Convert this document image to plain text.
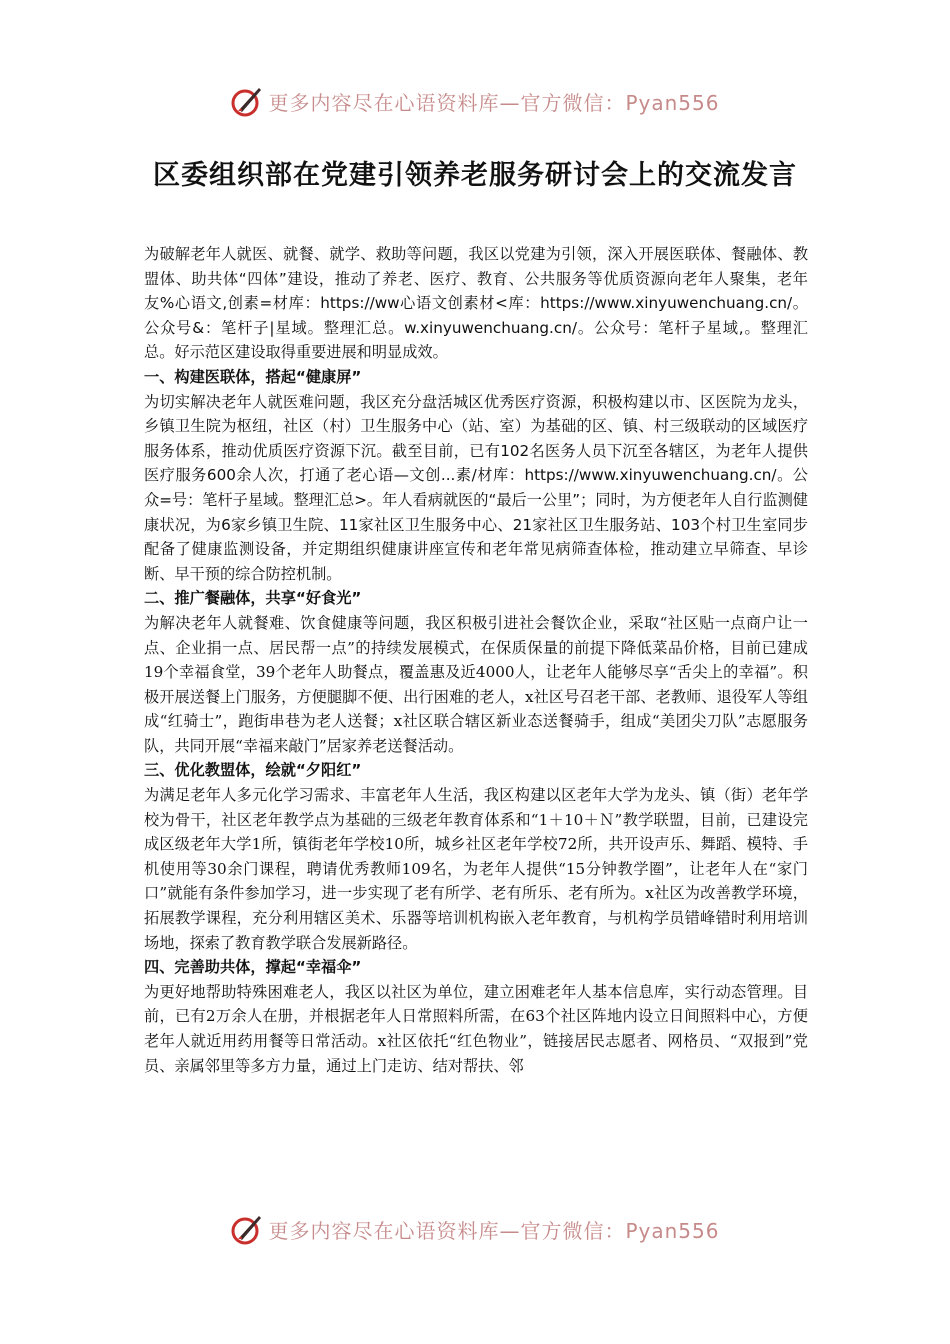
更多内容尽在心语资料库—官方微信：Pyan556
区委组织部在党建引领养老服务研讨会上的交流发言

为破解老年人就医、就餐、就学、救助等问题，我区以党建为引领，深入开展医联体、餐融体、教盟体、助共体“四体”建设，推动了养老、医疗、教育、公共服务等优质资源向老年人聚集，老年友%心语文,创素=材库：https://ww心语文创素材<库：https://www.xinyuwenchuang.cn/。公众号&：笔杆子|星域。整理汇总。w.xinyuwenchuang.cn/。公众号：笔杆子星域,。整理汇总。好示范区建设取得重要进展和明显成效。

一、构建医联体，搭起“健康屏”

为切实解决老年人就医难问题，我区充分盘活城区优秀医疗资源，积极构建以市、区医院为龙头，乡镇卫生院为枢纽，社区（村）卫生服务中心（站、室）为基础的区、镇、村三级联动的区域医疗服务体系，推动优质医疗资源下沉。截至目前，已有102名医务人员下沉至各辖区，为老年人提供医疗服务600余人次，打通了老心语—文创...素/材库：https://www.xinyuwenchuang.cn/。公众=号：笔杆子星域。整理汇总>。年人看病就医的“最后一公里”；同时，为方便老年人自行监测健康状况，为6家乡镇卫生院、11家社区卫生服务中心、21家社区卫生服务站、103个村卫生室同步配备了健康监测设备，并定期组织健康讲座宣传和老年常见病筛查体检，推动建立早筛查、早诊断、早干预的综合防控机制。

二、推广餐融体，共享“好食光”

为解决老年人就餐难、饮食健康等问题，我区积极引进社会餐饮企业，采取“社区贴一点商户让一点、企业捐一点、居民帮一点”的持续发展模式，在保质保量的前提下降低菜品价格，目前已建成19个幸福食堂，39个老年人助餐点，覆盖惠及近4000人，让老年人能够尽享“舌尖上的幸福”。积极开展送餐上门服务，方便腿脚不便、出行困难的老人，x社区号召老干部、老教师、退役军人等组成“红骑士”，跑街串巷为老人送餐；x社区联合辖区新业态送餐骑手，组成“美团尖刀队”志愿服务队，共同开展“幸福来敲门”居家养老送餐活动。

三、优化教盟体，绘就“夕阳红”

为满足老年人多元化学习需求、丰富老年人生活，我区构建以区老年大学为龙头、镇（街）老年学校为骨干，社区老年教学点为基础的三级老年教育体系和“1＋10＋Ｎ”教学联盟，目前，已建设完成区级老年大学1所，镇街老年学校10所，城乡社区老年学校72所，共开设声乐、舞蹈、模特、手机使用等30余门课程，聘请优秀教师109名，为老年人提供“15分钟教学圈”，让老年人在“家门口”就能有条件参加学习，进一步实现了老有所学、老有所乐、老有所为。x社区为改善教学环境，拓展教学课程，充分利用辖区美术、乐器等培训机构嵌入老年教育，与机构学员错峰错时利用培训场地，探索了教育教学联合发展新路径。

四、完善助共体，撑起“幸福伞”

为更好地帮助特殊困难老人，我区以社区为单位，建立困难老年人基本信息库，实行动态管理。目前，已有2万余人在册，并根据老年人日常照料所需，在63个社区阵地内设立日间照料中心，方便老年人就近用药用餐等日常活动。x社区依托“红色物业”，链接居民志愿者、网格员、“双报到”党员、亲属邻里等多方力量，通过上门走访、结对帮扶、邻

更多内容尽在心语资料库—官方微信：Pyan556
